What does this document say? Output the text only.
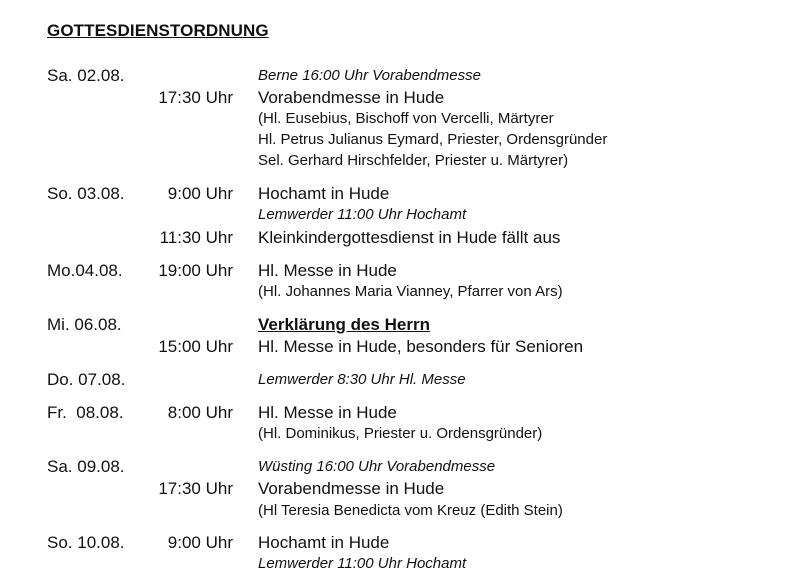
GOTTESDIENSTORDNUNG
Sa. 02.08.	Berne 16:00 Uhr Vorabendmesse
17:30 Uhr Vorabendmesse in Hude
(Hl. Eusebius, Bischoff von Vercelli, Märtyrer
Hl. Petrus Julianus Eymard, Priester, Ordensgründer
Sel. Gerhard Hirschfelder, Priester u. Märtyrer)
So. 03.08.	9:00 Uhr Hochamt in Hude
Lemwerder 11:00 Uhr Hochamt
11:30 Uhr Kleinkindergottesdienst in Hude fällt aus
Mo.04.08. 19:00 Uhr Hl. Messe in Hude
(Hl. Johannes Maria Vianney, Pfarrer von Ars)
Mi. 06.08.	Verklärung des Herrn
15:00 Uhr Hl. Messe in Hude, besonders für Senioren
Do. 07.08.	Lemwerder 8:30 Uhr Hl. Messe
Fr.  08.08.	8:00 Uhr Hl. Messe in Hude
(Hl. Dominikus, Priester u. Ordensgründer)
Sa. 09.08.	Wüsting 16:00 Uhr Vorabendmesse
17:30 Uhr Vorabendmesse in Hude
(Hl Teresia Benedicta vom Kreuz (Edith Stein)
So. 10.08.	9:00 Uhr Hochamt in Hude
Lemwerder 11:00 Uhr Hochamt
